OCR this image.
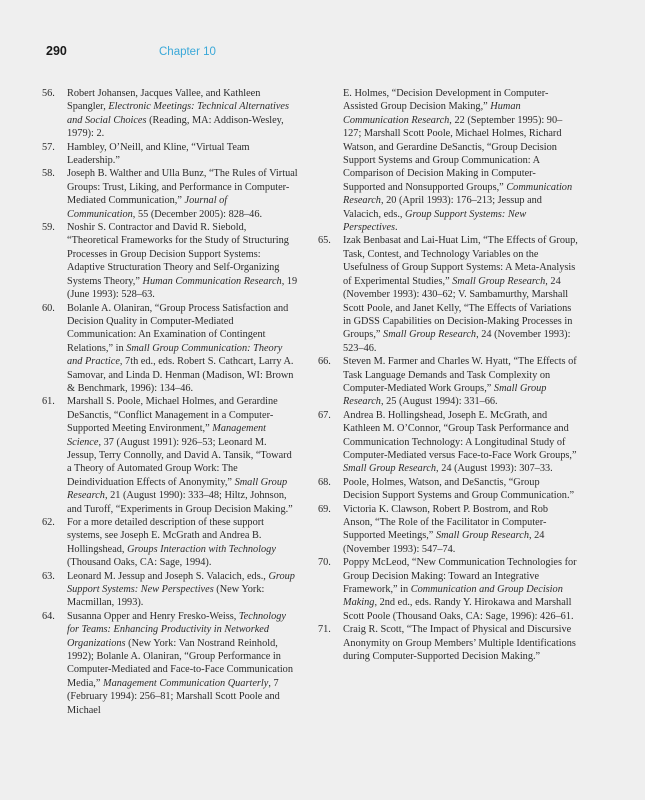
290	Chapter 10
56.	Robert Johansen, Jacques Vallee, and Kathleen Spangler, Electronic Meetings: Technical Alternatives and Social Choices (Reading, MA: Addison-Wesley, 1979): 2.
57.	Hambley, O’Neill, and Kline, “Virtual Team Leadership.”
58.	Joseph B. Walther and Ulla Bunz, “The Rules of Virtual Groups: Trust, Liking, and Performance in Computer-Mediated Communication,” Journal of Communication, 55 (December 2005): 828–46.
59.	Noshir S. Contractor and David R. Siebold, “Theoretical Frameworks for the Study of Structuring Processes in Group Decision Support Systems: Adaptive Structuration Theory and Self-Organizing Systems Theory,” Human Communication Research, 19 (June 1993): 528–63.
60.	Bolanle A. Olaniran, “Group Process Satisfaction and Decision Quality in Computer-Mediated Communication: An Examination of Contingent Relations,” in Small Group Communication: Theory and Practice, 7th ed., eds. Robert S. Cathcart, Larry A. Samovar, and Linda D. Henman (Madison, WI: Brown & Benchmark, 1996): 134–46.
61.	Marshall S. Poole, Michael Holmes, and Gerardine DeSanctis, “Conflict Management in a Computer-Supported Meeting Environment,” Management Science, 37 (August 1991): 926–53; Leonard M. Jessup, Terry Connolly, and David A. Tansik, “Toward a Theory of Automated Group Work: The Deindividuation Effects of Anonymity,” Small Group Research, 21 (August 1990): 333–48; Hiltz, Johnson, and Turoff, “Experiments in Group Decision Making.”
62.	For a more detailed description of these support systems, see Joseph E. McGrath and Andrea B. Hollingshead, Groups Interaction with Technology (Thousand Oaks, CA: Sage, 1994).
63.	Leonard M. Jessup and Joseph S. Valacich, eds., Group Support Systems: New Perspectives (New York: Macmillan, 1993).
64.	Susanna Opper and Henry Fresko-Weiss, Technology for Teams: Enhancing Productivity in Networked Organizations (New York: Van Nostrand Reinhold, 1992); Bolanle A. Olaniran, “Group Performance in Computer-Mediated and Face-to-Face Communication Media,” Management Communication Quarterly, 7 (February 1994): 256–81; Marshall Scott Poole and Michael
E. Holmes, “Decision Development in Computer-Assisted Group Decision Making,” Human Communication Research, 22 (September 1995): 90–127; Marshall Scott Poole, Michael Holmes, Richard Watson, and Gerardine DeSanctis, “Group Decision Support Systems and Group Communication: A Comparison of Decision Making in Computer-Supported and Nonsupported Groups,” Communication Research, 20 (April 1993): 176–213; Jessup and Valacich, eds., Group Support Systems: New Perspectives.
65.	Izak Benbasat and Lai-Huat Lim, “The Effects of Group, Task, Contest, and Technology Variables on the Usefulness of Group Support Systems: A Meta-Analysis of Experimental Studies,” Small Group Research, 24 (November 1993): 430–62; V. Sambamurthy, Marshall Scott Poole, and Janet Kelly, “The Effects of Variations in GDSS Capabilities on Decision-Making Processes in Groups,” Small Group Research, 24 (November 1993): 523–46.
66.	Steven M. Farmer and Charles W. Hyatt, “The Effects of Task Language Demands and Task Complexity on Computer-Mediated Work Groups,” Small Group Research, 25 (August 1994): 331–66.
67.	Andrea B. Hollingshead, Joseph E. McGrath, and Kathleen M. O’Connor, “Group Task Performance and Communication Technology: A Longitudinal Study of Computer-Mediated versus Face-to-Face Work Groups,” Small Group Research, 24 (August 1993): 307–33.
68.	Poole, Holmes, Watson, and DeSanctis, “Group Decision Support Systems and Group Communication.”
69.	Victoria K. Clawson, Robert P. Bostrom, and Rob Anson, “The Role of the Facilitator in Computer-Supported Meetings,” Small Group Research, 24 (November 1993): 547–74.
70.	Poppy McLeod, “New Communication Technologies for Group Decision Making: Toward an Integrative Framework,” in Communication and Group Decision Making, 2nd ed., eds. Randy Y. Hirokawa and Marshall Scott Poole (Thousand Oaks, CA: Sage, 1996): 426–61.
71.	Craig R. Scott, “The Impact of Physical and Discursive Anonymity on Group Members’ Multiple Identifications during Computer-Supported Decision Making.”
